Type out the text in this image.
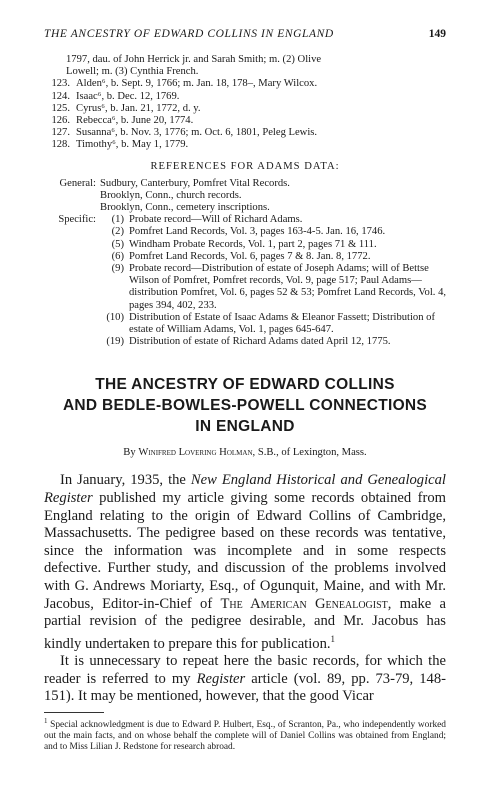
THE ANCESTRY OF EDWARD COLLINS IN ENGLAND	149

1797, dau. of John Herrick jr. and Sarah Smith; m. (2) Olive

Lowell; m. (3) Cynthia French.

123. Alden⁶, b. Sept. 9, 1766; m. Jan. 18, 178–, Mary Wilcox.
124. Isaac⁶, b. Dec. 12, 1769.
125. Cyrus⁶, b. Jan. 21, 1772, d. y.
126. Rebecca⁶, b. June 20, 1774.
127. Susanna⁶, b. Nov. 3, 1776; m. Oct. 6, 1801, Peleg Lewis.
128. Timothy⁶, b. May 1, 1779.
REFERENCES FOR ADAMS DATA:
General: Sudbury, Canterbury, Pomfret Vital Records.
Brooklyn, Conn., church records.
Brooklyn, Conn., cemetery inscriptions.
Specific:	(1) Probate record—Will of Richard Adams.
(2) Pomfret Land Records, Vol. 3, pages 163-4-5. Jan. 16, 1746.
(5) Windham Probate Records, Vol. 1, part 2, pages 71 & 111.
(6) Pomfret Land Records, Vol. 6, pages 7 & 8. Jan. 8, 1772.
(9) Probate record—Distribution of estate of Joseph Adams; will of Bettse Wilson of Pomfret, Pomfret records, Vol. 9, page 517; Paul Adams—distribution Pomfret, Vol. 6, pages 52 & 53; Pomfret Land Records, Vol. 4, pages 394, 402, 233.
(10) Distribution of Estate of Isaac Adams & Eleanor Fassett; Distribution of estate of William Adams, Vol. 1, pages 645-647.
(19) Distribution of estate of Richard Adams dated April 12, 1775.
THE ANCESTRY OF EDWARD COLLINS
AND BEDLE-BOWLES-POWELL CONNECTIONS
IN ENGLAND
By Winifred Lovering Holman, S.B., of Lexington, Mass.

In January, 1935, the New England Historical and Genealogical Register published my article giving some records obtained from England relating to the origin of Edward Collins of Cambridge, Massachusetts. The pedigree based on these records was tentative, since the information was incomplete and in some respects defective. Further study, and discussion of the problems involved with G. Andrews Moriarty, Esq., of Ogunquit, Maine, and with Mr. Jacobus, Editor-in-Chief of The American Genealogist, make a partial revision of the pedigree desirable, and Mr. Jacobus has kindly undertaken to prepare this for publication.$^1$

It is unnecessary to repeat here the basic records, for which the reader is referred to my Register article (vol. 89, pp. 73-79, 148-151). It may be mentioned, however, that the good Vicar

$^1$ Special acknowledgment is due to Edward P. Hulbert, Esq., of Scranton, Pa., who independently worked out the main facts, and on whose behalf the complete will of Daniel Collins was obtained from England; and to Miss Lilian J. Redstone for research abroad.
